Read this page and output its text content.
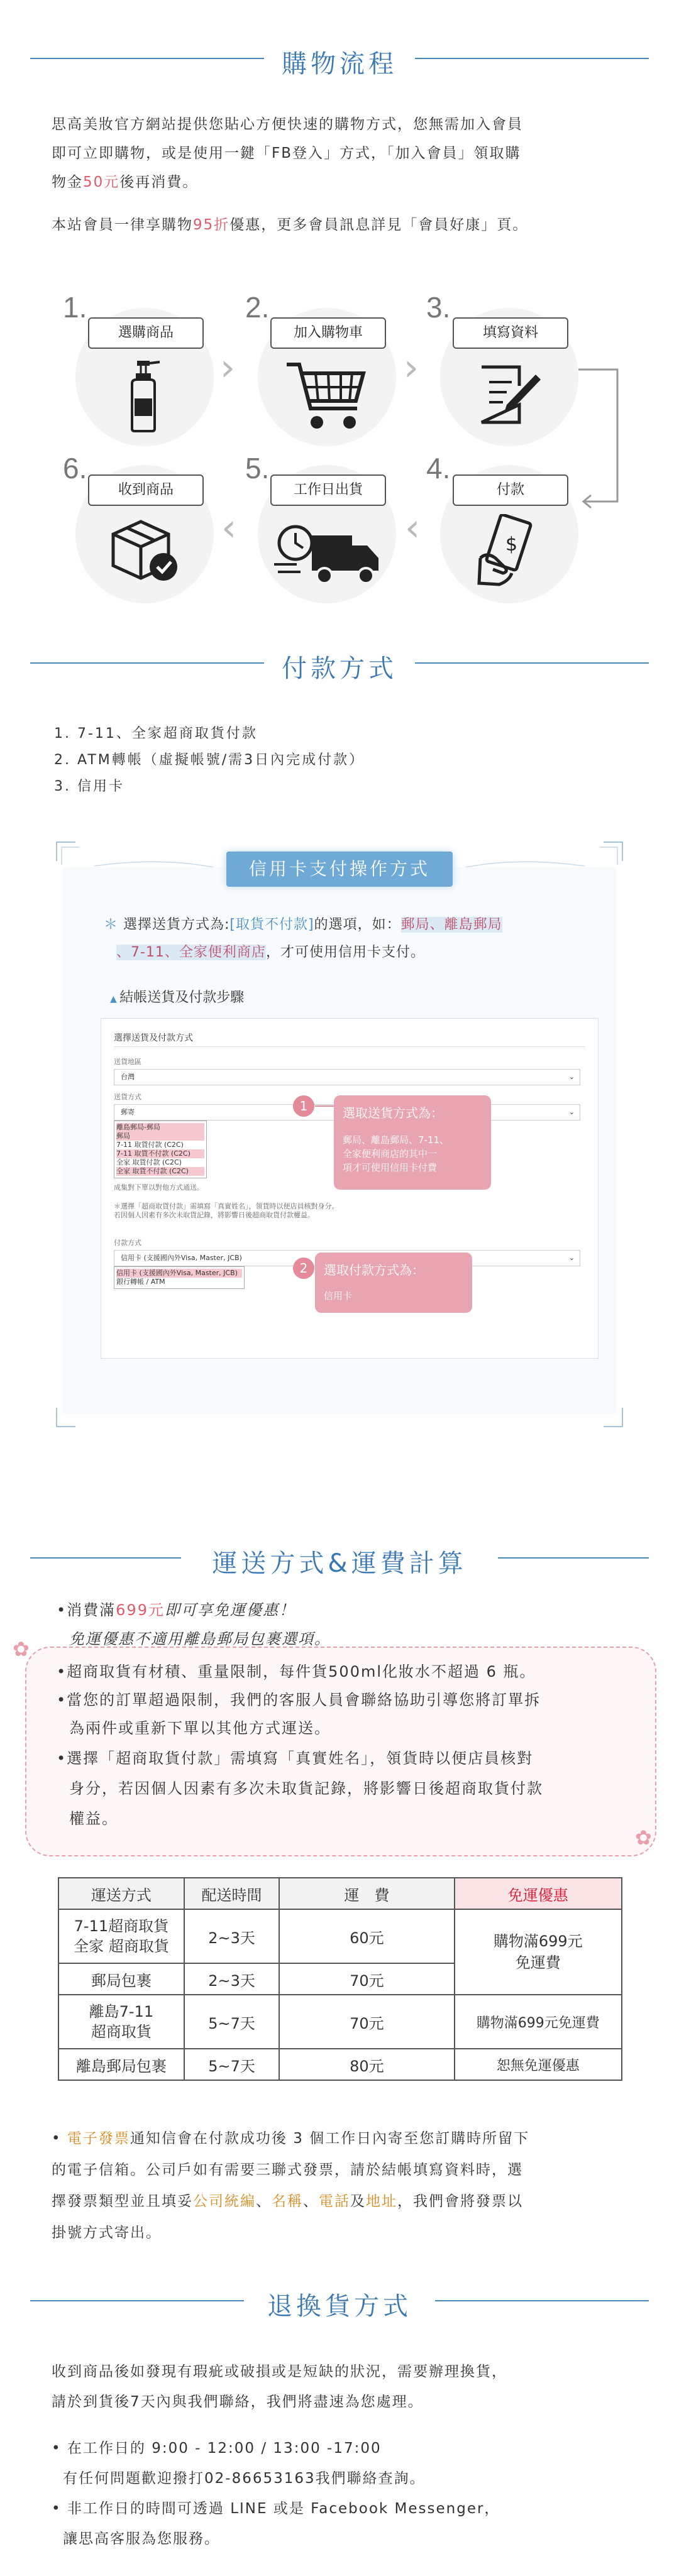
購物流程
思高美妝官方網站提供您貼心方便快速的購物方式，您無需加入會員
即可立即購物，或是使用一鍵「FB登入」方式，「加入會員」領取購
物金50元後再消費。
本站會員一律享購物95折優惠，更多會員訊息詳見「會員好康」頁。
1.
選購商品
›
2.
加入購物車
›
3.
填寫資料
6.
收到商品
‹
5.
工作日出貨
‹
4.
$
付款
付款方式
1. 7-11、全家超商取貨付款
2. ATM轉帳（虛擬帳號/需3日內完成付款）
3. 信用卡
信用卡支付操作方式
＊ 選擇送貨方式為:[取貨不付款]的選項，如：郵局、離島郵局
、7-11、全家便利商店，才可使用信用卡支付。
▲ 結帳送貨及付款步驟
選擇送貨及付款方式
送貨地區
台灣	⌄
送貨方式
郵寄	⌄
離島郵局-郵局
郵局
7-11 取貨付款 (C2C)
7-11 取貨不付款 (C2C)
全家 取貨付款 (C2C)
全家 取貨不付款 (C2C)
成集對下單以對他方式通送。
＊選擇「超商取貨付款」需填寫「真實姓名」，領貨時以便店員核對身分。
若因個人因素有多次未取貨記錄，將影響日後超商取貨付款權益。
付款方式
信用卡 (支援國內外Visa, Master, JCB)	⌄
信用卡 (支援國內外Visa, Master, JCB)
銀行轉帳 / ATM
1	選取送貨方式為：
郵局、離島郵局、7-11、
全家便利商店的其中一
項才可使用信用卡付費
2	選取付款方式為：
信用卡
運送方式&運費計算
✿
✿
•消費滿699元即可享免運優惠！
免運優惠不適用離島郵局包裹選項。
•超商取貨有材積、重量限制，每件貨500ml化妝水不超過 6 瓶。
•當您的訂單超過限制，我們的客服人員會聯絡協助引導您將訂單拆
為兩件或重新下單以其他方式運送。
•選擇「超商取貨付款」需填寫「真實姓名」，領貨時以便店員核對
身分，若因個人因素有多次未取貨記錄，將影響日後超商取貨付款
權益。
運送方式	配送時間	運　費	免運優惠
7-11超商取貨
全家 超商取貨	2~3天	60元	購物滿699元
免運費
郵局包裹	2~3天	70元	
離島7-11
超商取貨	5~7天	70元	購物滿699元免運費
離島郵局包裹	5~7天	80元	恕無免運優惠
• 電子發票通知信會在付款成功後 3 個工作日內寄至您訂購時所留下
的電子信箱。公司戶如有需要三聯式發票，請於結帳填寫資料時，選
擇發票類型並且填妥公司統編、名稱、電話及地址，我們會將發票以
掛號方式寄出。
退換貨方式
收到商品後如發現有瑕疵或破損或是短缺的狀況，需要辦理換貨，
請於到貨後7天內與我們聯絡，我們將盡速為您處理。
• 在工作日的 9:00 - 12:00 / 13:00 -17:00
有任何問題歡迎撥打02-86653163我們聯絡查詢。
• 非工作日的時間可透過 LINE 或是 Facebook Messenger，
讓思高客服為您服務。
